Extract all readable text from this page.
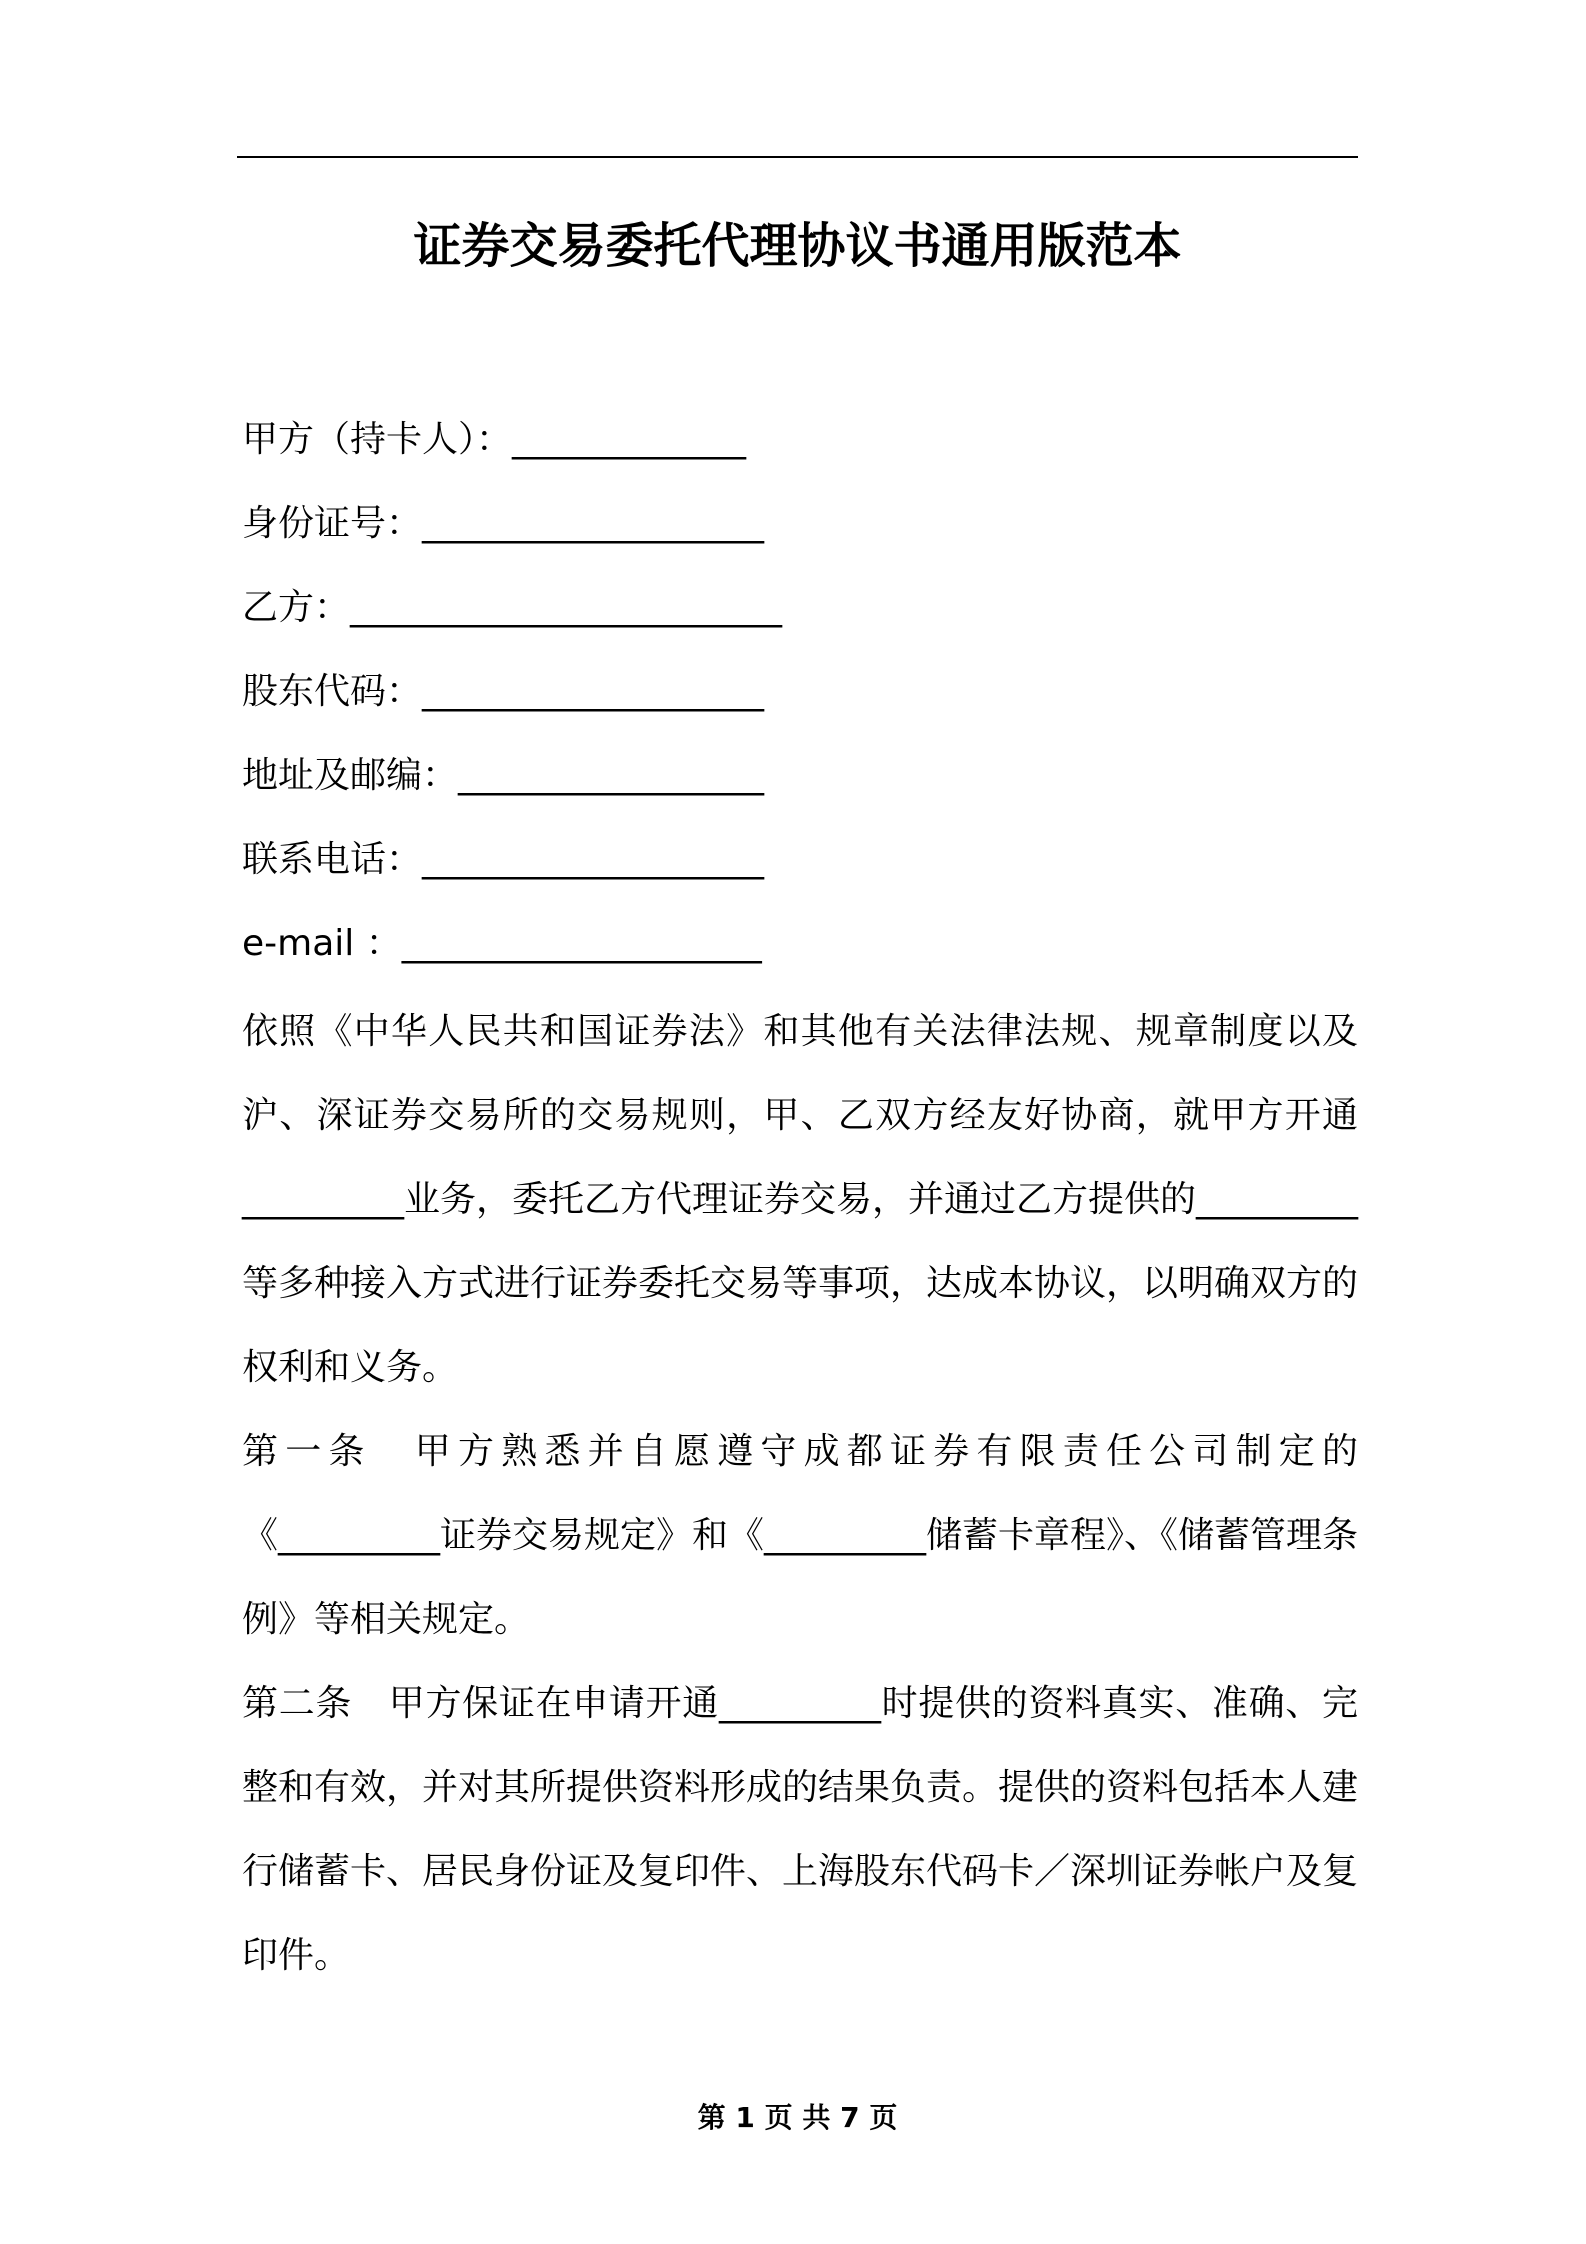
证券交易委托代理协议书通用版范本
甲方（持卡人）：_____________
身份证号：___________________
乙方：________________________
股东代码：___________________
地址及邮编：_________________
联系电话：___________________
e-mail ：____________________

依照《中华人民共和国证券法》和其他有关法律法规、规章制度以及沪、深证券交易所的交易规则，甲、乙双方经友好协商，就甲方开通_________业务，委托乙方代理证券交易，并通过乙方提供的_________等多种接入方式进行证券委托交易等事项，达成本协议，以明确双方的权利和义务。

第一条　甲方熟悉并自愿遵守成都证券有限责任公司制定的《_________证券交易规定》和《_________储蓄卡章程》、《储蓄管理条例》等相关规定。

第二条　甲方保证在申请开通_________时提供的资料真实、准确、完整和有效，并对其所提供资料形成的结果负责。提供的资料包括本人建行储蓄卡、居民身份证及复印件、上海股东代码卡／深圳证券帐户及复印件。

第 1 页 共 7 页
